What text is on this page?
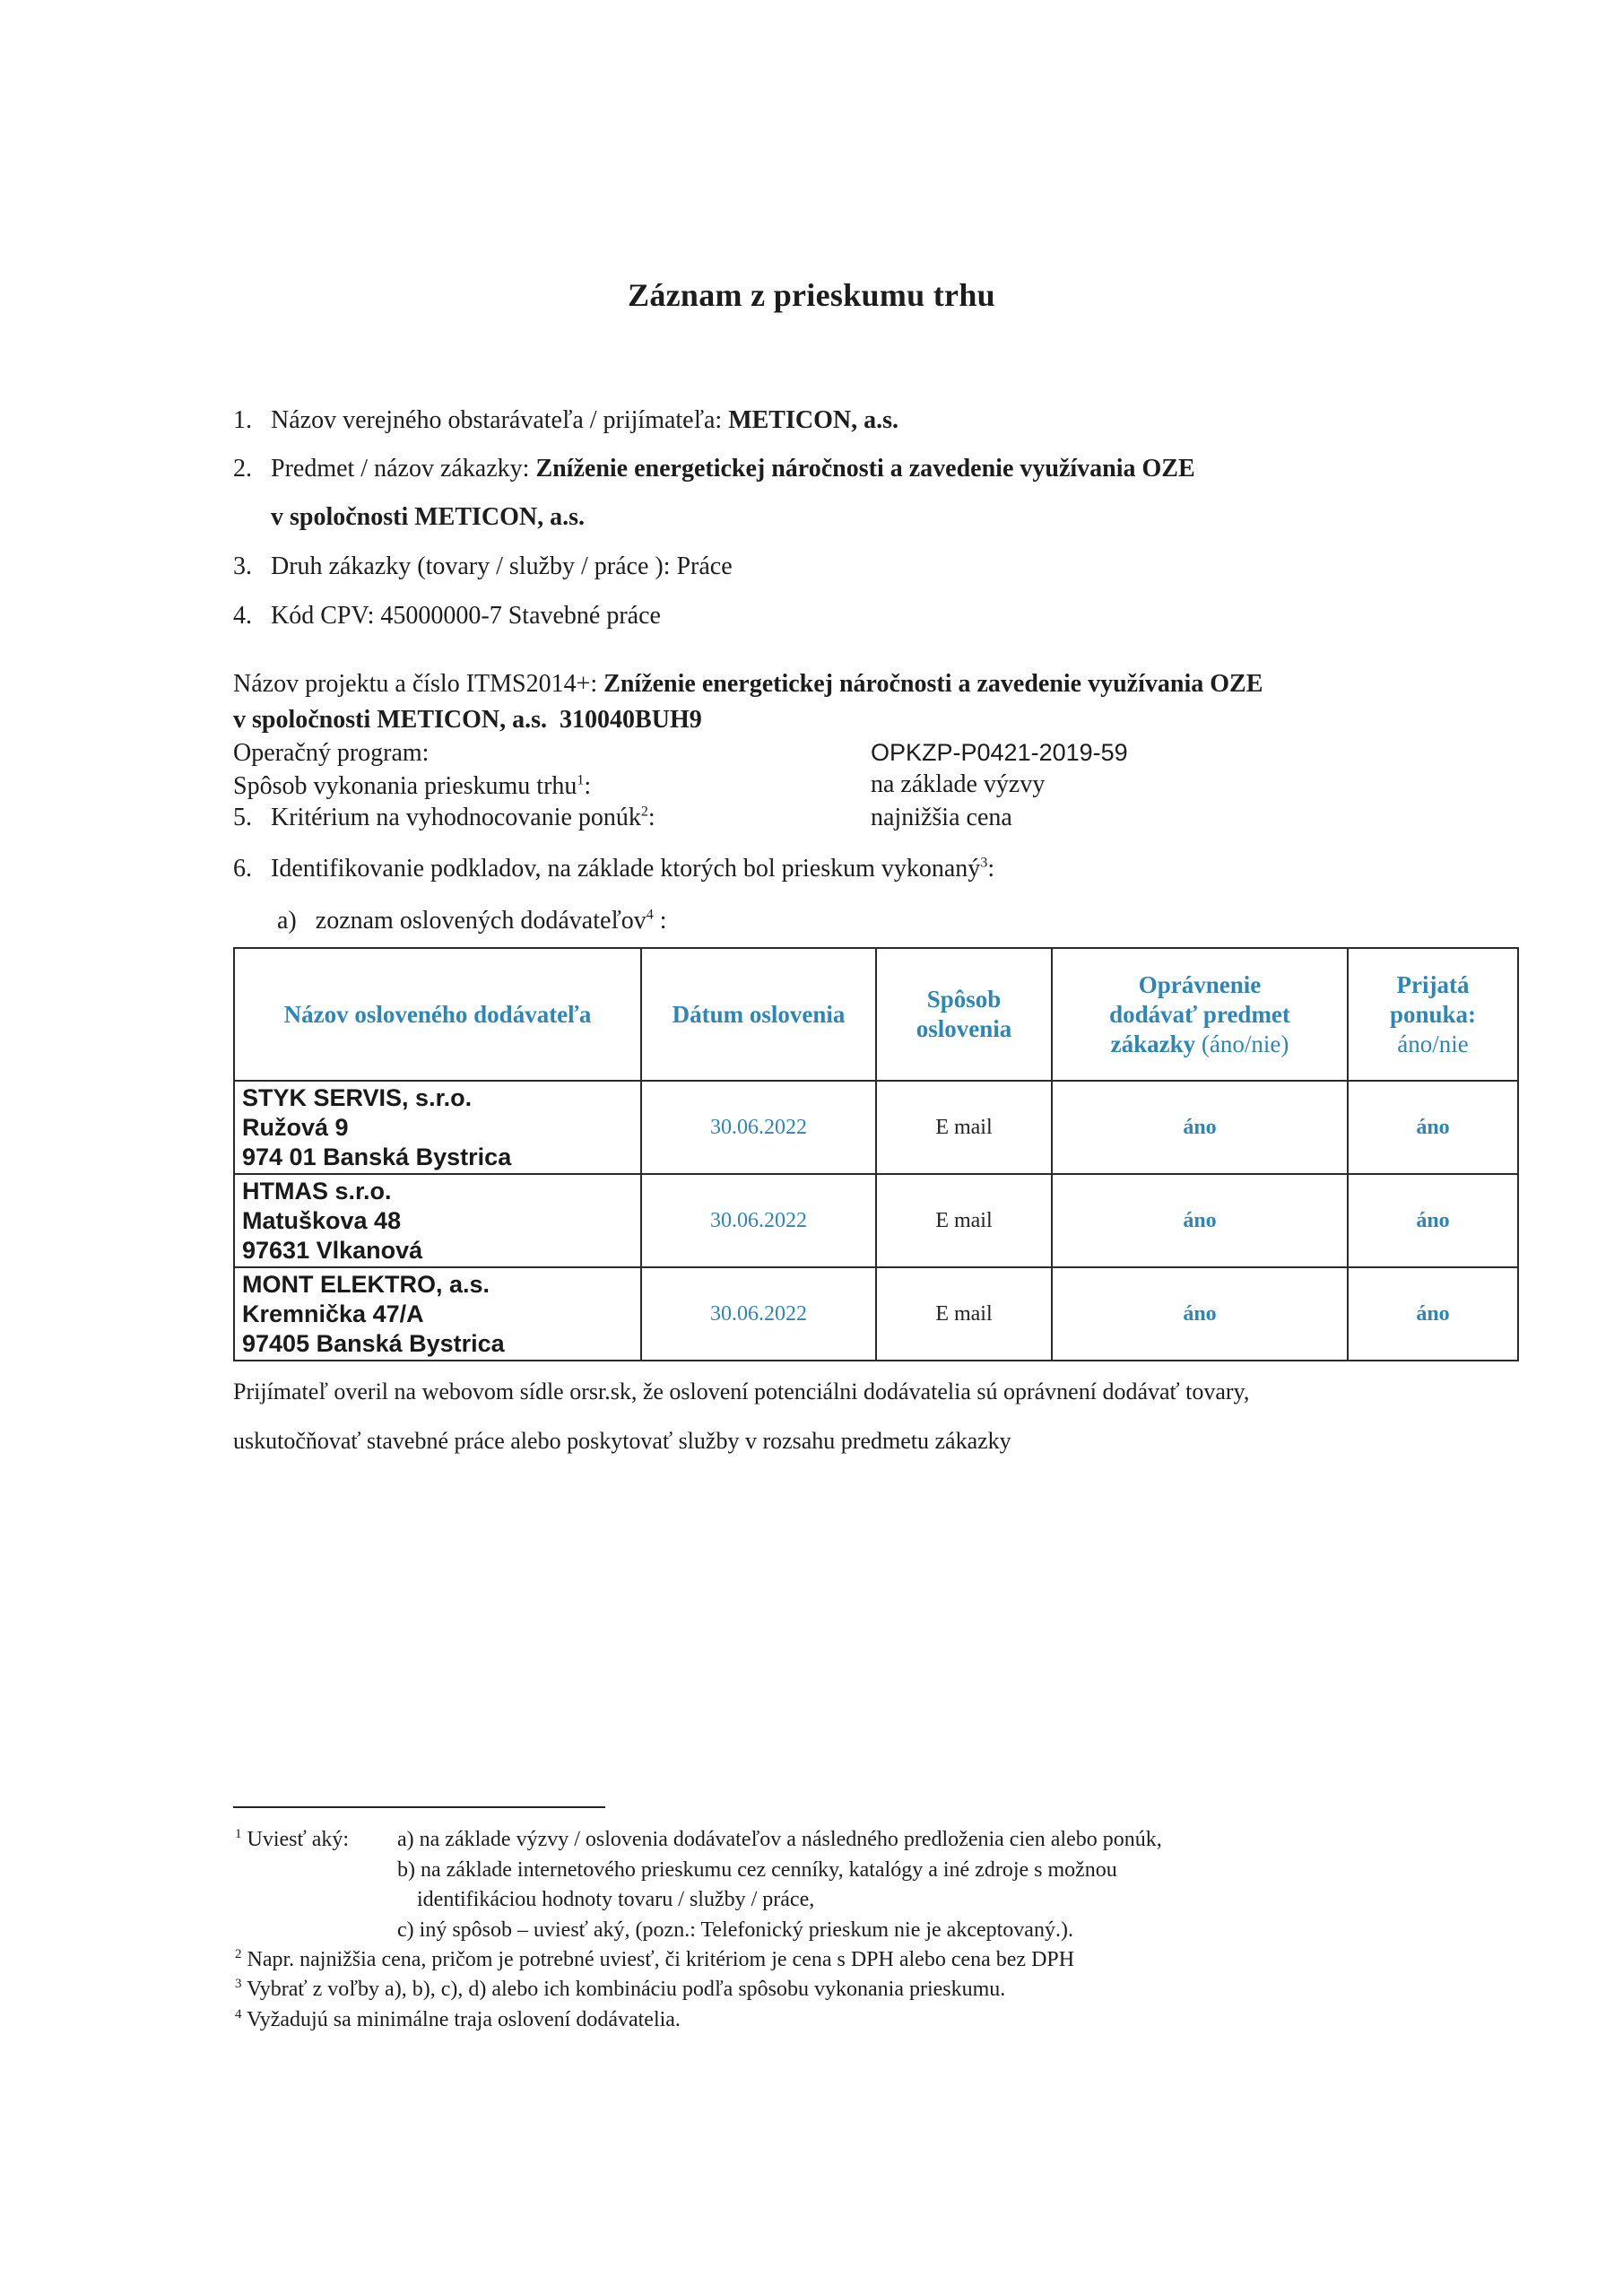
Záznam z prieskumu trhu
1. Názov verejného obstarávateľa / prijímateľa: METICON, a.s.
2. Predmet / názov zákazky: Zníženie energetickej náročnosti a zavedenie využívania OZE
v spoločnosti METICON, a.s.
3. Druh zákazky (tovary / služby / práce ): Práce
4. Kód CPV: 45000000-7 Stavebné práce
Názov projektu a číslo ITMS2014+: Zníženie energetickej náročnosti a zavedenie využívania OZE
v spoločnosti METICON, a.s. 310040BUH9
Operačný program:	OPKZP-P0421-2019-59
Spôsob vykonania prieskumu trhu$^1$:	na základe výzvy
5. Kritérium na vyhodnocovanie ponúk$^2$:	najnižšia cena
6. Identifikovanie podkladov, na základe ktorých bol prieskum vykonaný$^3$:
a) zoznam oslovených dodávateľov$^4$ :
Názov osloveného dodávateľa	Dátum oslovenia	Spôsob
oslovenia	Oprávnenie
dodávať predmet
zákazky (áno/nie)	Prijatá
ponuka:
áno/nie

STYK SERVIS, s.r.o.
Ružová 9
974 01 Banská Bystrica	30.06.2022	E mail	áno	áno

HTMAS s.r.o.
Matuškova 48
97631 Vlkanová	30.06.2022	E mail	áno	áno

MONT ELEKTRO, a.s.
Kremnička 47/A
97405 Banská Bystrica	30.06.2022	E mail	áno	áno
Prijímateľ overil na webovom sídle orsr.sk, že oslovení potenciálni dodávatelia sú oprávnení dodávať tovary,
uskutočňovať stavebné práce alebo poskytovať služby v rozsahu predmetu zákazky
$^1$ Uviesť aký: a) na základe výzvy / oslovenia dodávateľov a následného predloženia cien alebo ponúk,
b) na základe internetového prieskumu cez cenníky, katalógy a iné zdroje s možnou
identifikáciou hodnoty tovaru / služby / práce,
c) iný spôsob – uviesť aký, (pozn.: Telefonický prieskum nie je akceptovaný.).
$^2$ Napr. najnižšia cena, pričom je potrebné uviesť, či kritériom je cena s DPH alebo cena bez DPH
$^3$ Vybrať z voľby a), b), c), d) alebo ich kombináciu podľa spôsobu vykonania prieskumu.
$^4$ Vyžadujú sa minimálne traja oslovení dodávatelia.
